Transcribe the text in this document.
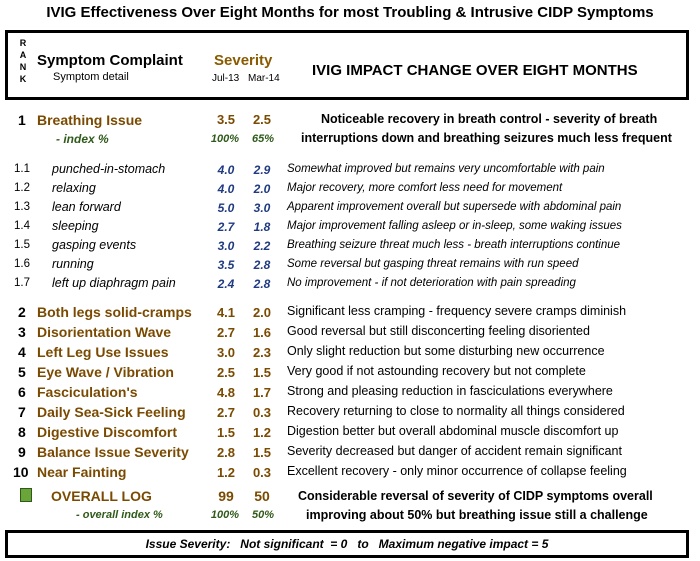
IVIG Effectiveness Over Eight Months for most Troubling & Intrusive CIDP Symptoms
R
A
N
K
Symptom Complaint
Symptom detail
Severity
Jul-13 Mar-14 IVIG IMPACT CHANGE OVER EIGHT MONTHS
1 Breathing Issue	3.5	2.5
- index %	100%	65%
Noticeable recovery in breath control - severity of breath
interruptions down and breathing seizures much less frequent
1.1 punched-in-stomach	4.0	2.9	Somewhat improved but remains very uncomfortable with pain
1.2 relaxing	4.0	2.0	Major recovery, more comfort less need for movement
1.3 lean forward	5.0	3.0	Apparent improvement overall but supersede with abdominal pain
1.4 sleeping	2.7	1.8	Major improvement falling asleep or in-sleep, some waking issues
1.5 gasping events	3.0	2.2	Breathing seizure threat much less - breath interruptions continue
1.6 running	3.5	2.8	Some reversal but gasping threat remains with run speed
1.7 left up diaphragm pain	2.4	2.8	No improvement - if not deterioration with pain spreading
2 Both legs solid-cramps	4.1	2.0	Significant less cramping - frequency severe cramps diminish
3 Disorientation Wave	2.7	1.6	Good reversal but still disconcerting feeling disoriented
4 Left Leg Use Issues	3.0	2.3	Only slight reduction but some disturbing new occurrence
5 Eye Wave / Vibration	2.5	1.5	Very good if not astounding recovery but not complete
6 Fasciculation's	4.8	1.7	Strong and pleasing reduction in fasciculations everywhere
7 Daily Sea-Sick Feeling	2.7	0.3	Recovery returning to close to normality all things considered
8 Digestive Discomfort	1.5	1.2	Digestion better but overall abdominal muscle discomfort up
9 Balance Issue Severity	2.8	1.5	Severity decreased but danger of accident remain significant
10 Near Fainting	1.2	0.3	Excellent recovery - only minor occurrence of collapse feeling
OVERALL LOG	99	50
- overall index %	100%	50%
Considerable reversal of severity of CIDP symptoms overall
improving about 50% but breathing issue still a challenge
Issue Severity:   Not significant  = 0   to   Maximum negative impact = 5
